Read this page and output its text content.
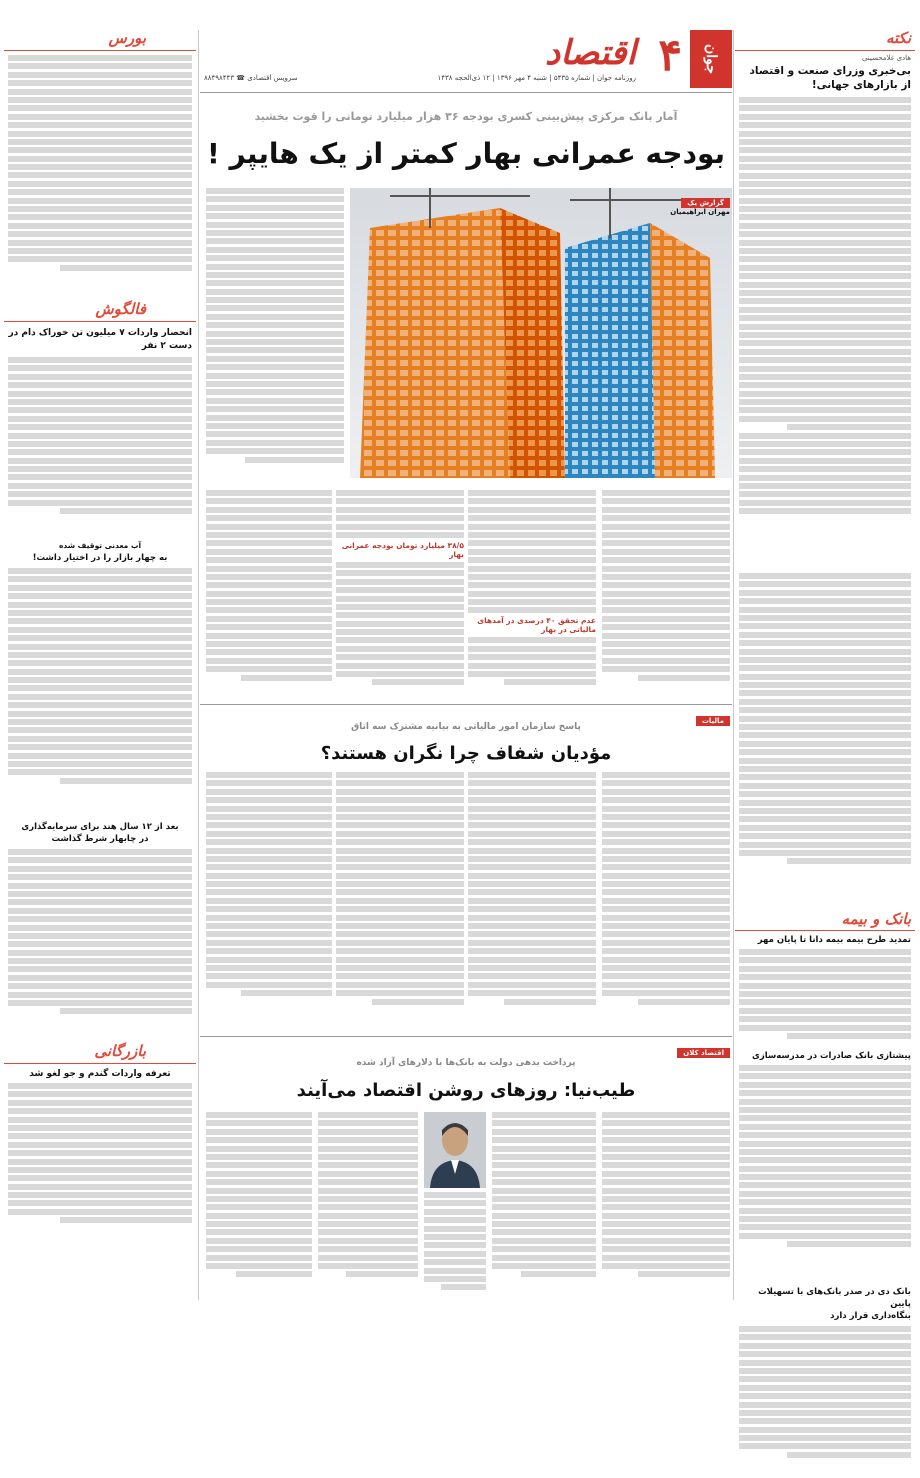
نکته
هادی غلامحسینی
بی‌خبری وزرای صنعت و اقتصاد
از بازارهای جهانی!
بانک و بیمه
تمدید طرح بیمه بیمه دانا تا پایان مهر
پیشتازی بانک صادرات در مدرسه‌سازی
بانک دی در صدر بانک‌های با تسهیلات پایین
بنگاه‌داری قرار دارد
بورس
فالگوش
انحصار واردات ۷ میلیون تن خوراک دام در دست ۲ نفر
آب معدنی توقیف شده
به چهار بازار را در اختیار داشت!
بعد از ۱۲ سال هند برای سرمایه‌گذاری
در چابهار شرط گذاشت
بازرگانی
تعرفه واردات گندم و جو لغو شد
جوان
۴
اقتصاد
روزنامه جوان | شماره ۵۴۳۵ | شنبه ۴ مهر ۱۳۹۶ | ۱۲ ذی‌الحجه ۱۴۳۸
سرویس اقتصادی ☎ ۸۸۴۹۸۴۴۳
آمار بانک مرکزی پیش‌بینی کسری بودجه ۳۶ هزار میلیارد تومانی را قوت بخشید
بودجه عمرانی بهار کمتر از یک هایپر !
گزارش یک
مهران ابراهیمیان
عدم تحقق ۴۰ درصدی در آمدهای مالیاتی در بهار
۳۸/۵ میلیارد تومان بودجه عمرانی بهار
مالیات
پاسخ سازمان امور مالیاتی به بیانیه مشترک سه اتاق
مؤدیان شفاف چرا نگران هستند؟
اقتصاد کلان
پرداخت بدهی دولت به بانک‌ها با دلارهای آزاد شده
طیب‌نیا: روزهای روشن اقتصاد می‌آیند
